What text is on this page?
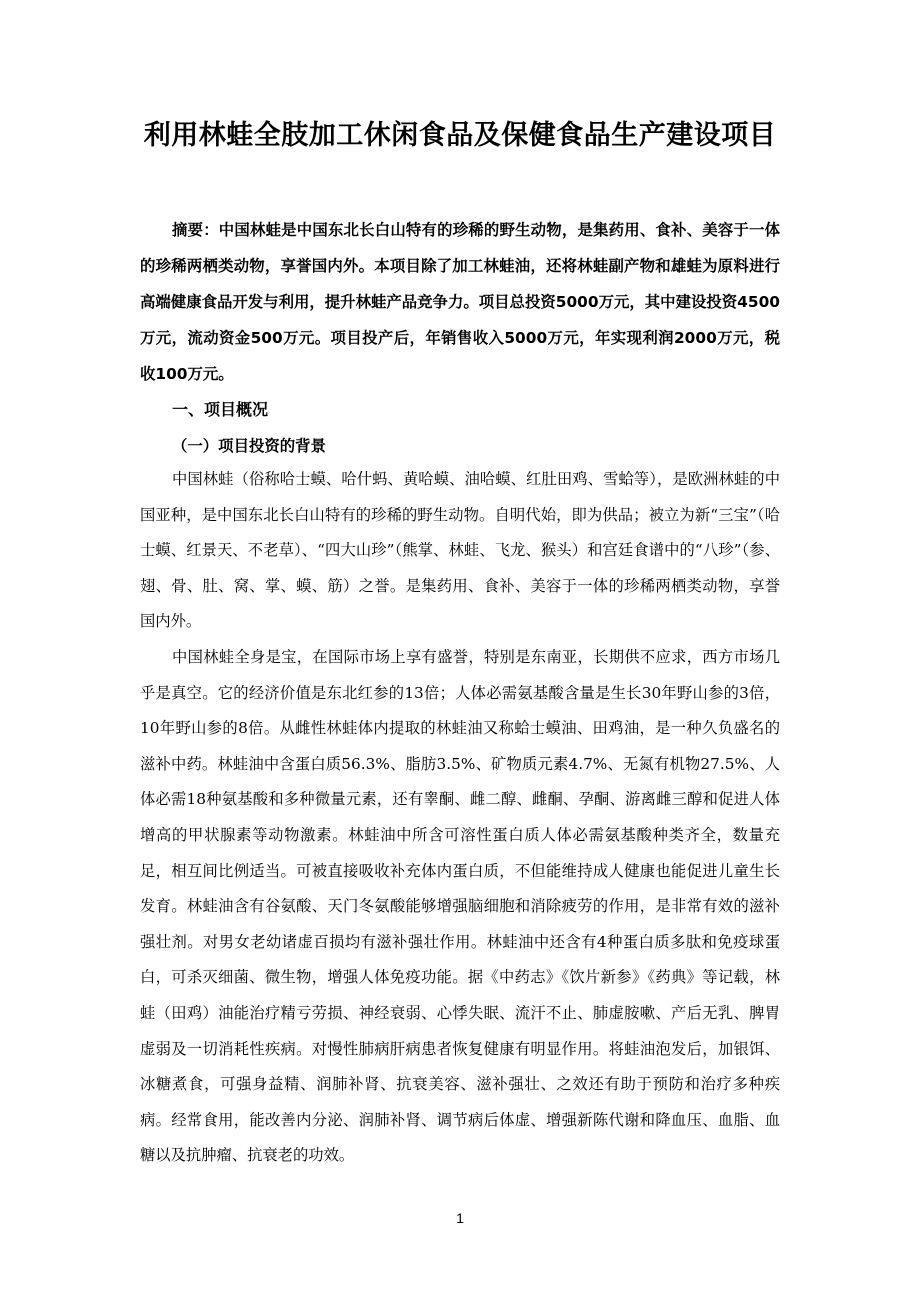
利用林蛙全肢加工休闲食品及保健食品生产建设项目
摘要：中国林蛙是中国东北长白山特有的珍稀的野生动物，是集药用、食补、美容于一体的珍稀两栖类动物，享誉国内外。本项目除了加工林蛙油，还将林蛙副产物和雄蛙为原料进行高端健康食品开发与利用，提升林蛙产品竞争力。项目总投资5000万元，其中建设投资4500万元，流动资金500万元。项目投产后，年销售收入5000万元，年实现利润2000万元，税收100万元。
一、项目概况
（一）项目投资的背景

中国林蛙（俗称哈士蟆、哈什蚂、黄哈蟆、油哈蟆、红肚田鸡、雪蛤等），是欧洲林蛙的中国亚种，是中国东北长白山特有的珍稀的野生动物。自明代始，即为供品；被立为新“三宝”（哈士蟆、红景天、不老草）、“四大山珍”（熊掌、林蛙、飞龙、猴头）和宫廷食谱中的“八珍”（参、翅、骨、肚、窝、掌、蟆、筋）之誉。是集药用、食补、美容于一体的珍稀两栖类动物，享誉国内外。

中国林蛙全身是宝，在国际市场上享有盛誉，特别是东南亚，长期供不应求，西方市场几乎是真空。它的经济价值是东北红参的13倍；人体必需氨基酸含量是生长30年野山参的3倍，10年野山参的8倍。从雌性林蛙体内提取的林蛙油又称蛤士蟆油、田鸡油，是一种久负盛名的滋补中药。林蛙油中含蛋白质56.3%、脂肪3.5%、矿物质元素4.7%、无氮有机物27.5%、人体必需18种氨基酸和多种微量元素，还有睾酮、雌二醇、雌酮、孕酮、游离雌三醇和促进人体增高的甲状腺素等动物激素。林蛙油中所含可溶性蛋白质人体必需氨基酸种类齐全，数量充足，相互间比例适当。可被直接吸收补充体内蛋白质，不但能维持成人健康也能促进儿童生长发育。林蛙油含有谷氨酸、天门冬氨酸能够增强脑细胞和消除疲劳的作用，是非常有效的滋补强壮剂。对男女老幼诸虚百损均有滋补强壮作用。林蛙油中还含有4种蛋白质多肽和免疫球蛋白，可杀灭细菌、微生物，增强人体免疫功能。据《中药志》《饮片新参》《药典》等记载，林蛙（田鸡）油能治疗精亏劳损、神经衰弱、心悸失眠、流汗不止、肺虚胺嗽、产后无乳、脾胃虚弱及一切消耗性疾病。对慢性肺病肝病患者恢复健康有明显作用。将蛙油泡发后，加银饵、冰糖煮食，可强身益精、润肺补肾、抗衰美容、滋补强壮、之效还有助于预防和治疗多种疾病。经常食用，能改善内分泌、润肺补肾、调节病后体虚、增强新陈代谢和降血压、血脂、血糖以及抗肿瘤、抗衰老的功效。

1
